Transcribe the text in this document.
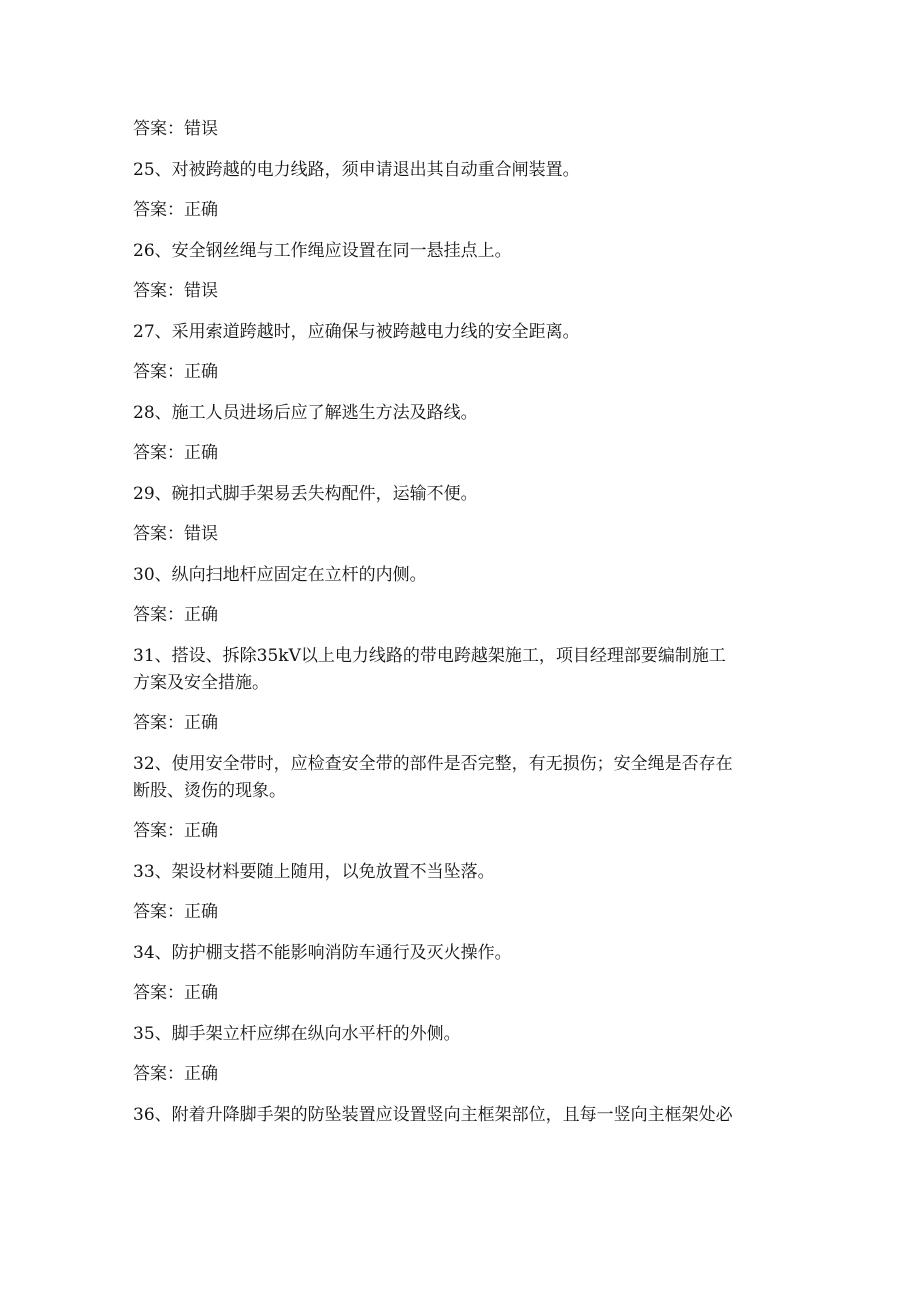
答案：错误

25、对被跨越的电力线路，须申请退出其自动重合闸装置。

答案：正确

26、安全钢丝绳与工作绳应设置在同一悬挂点上。

答案：错误

27、采用索道跨越时，应确保与被跨越电力线的安全距离。

答案：正确

28、施工人员进场后应了解逃生方法及路线。

答案：正确

29、碗扣式脚手架易丢失构配件，运输不便。

答案：错误

30、纵向扫地杆应固定在立杆的内侧。

答案：正确

31、搭设、拆除35kV以上电力线路的带电跨越架施工，项目经理部要编制施工

方案及安全措施。

答案：正确

32、使用安全带时，应检查安全带的部件是否完整，有无损伤；安全绳是否存在

断股、烫伤的现象。

答案：正确

33、架设材料要随上随用，以免放置不当坠落。

答案：正确

34、防护棚支搭不能影响消防车通行及灭火操作。

答案：正确

35、脚手架立杆应绑在纵向水平杆的外侧。

答案：正确

36、附着升降脚手架的防坠装置应设置竖向主框架部位，且每一竖向主框架处必
